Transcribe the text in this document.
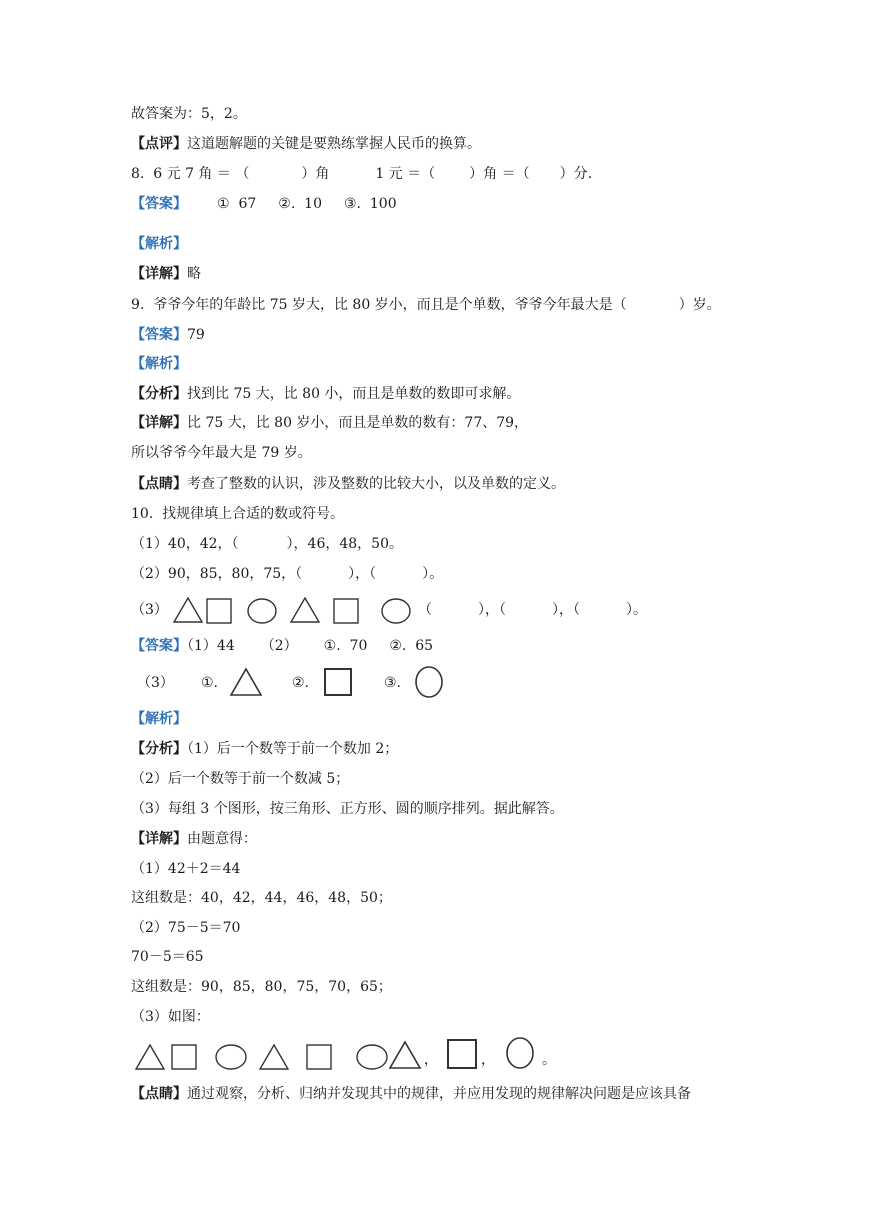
故答案为：5，2。
【点评】这道题解题的关键是要熟练掌握人民币的换算。
8.  6 元 7 角 ＝ （	）角	1 元 ＝（ ）角 ＝（ ）分.
【答案】 ①  67 ②.  10 ③.  100
【解析】
【详解】略
9.  爷爷今年的年龄比 75 岁大，比 80 岁小，而且是个单数，爷爷今年最大是（	）岁。
【答案】79
【解析】
【分析】找到比 75 大，比 80 小，而且是单数的数即可求解。
【详解】比 75 大，比 80 岁小，而且是单数的数有：77、79，
所以爷爷今年最大是 79 岁。
【点睛】考查了整数的认识，涉及整数的比较大小，以及单数的定义。
10.  找规律填上合适的数或符号。
（1）40，42，（	），46，48，50。
（2）90，85，80，75，（	），（	）。
（3）	（	），（	），（	）。
【答案】（1）44 （2） ①.  70 ②.  65
（3） ①.	②.	③.
【解析】
【分析】（1）后一个数等于前一个数加 2；
（2）后一个数等于前一个数减 5；
（3）每组 3 个图形，按三角形、正方形、圆的顺序排列。据此解答。
【详解】由题意得：
（1）42＋2＝44
这组数是：40，42，44，46，48，50；
（2）75－5＝70
70－5＝65
这组数是：90，85，80，75，70，65；
（3）如图：
，	，	。
【点睛】通过观察，分析、归纳并发现其中的规律，并应用发现的规律解决问题是应该具备
